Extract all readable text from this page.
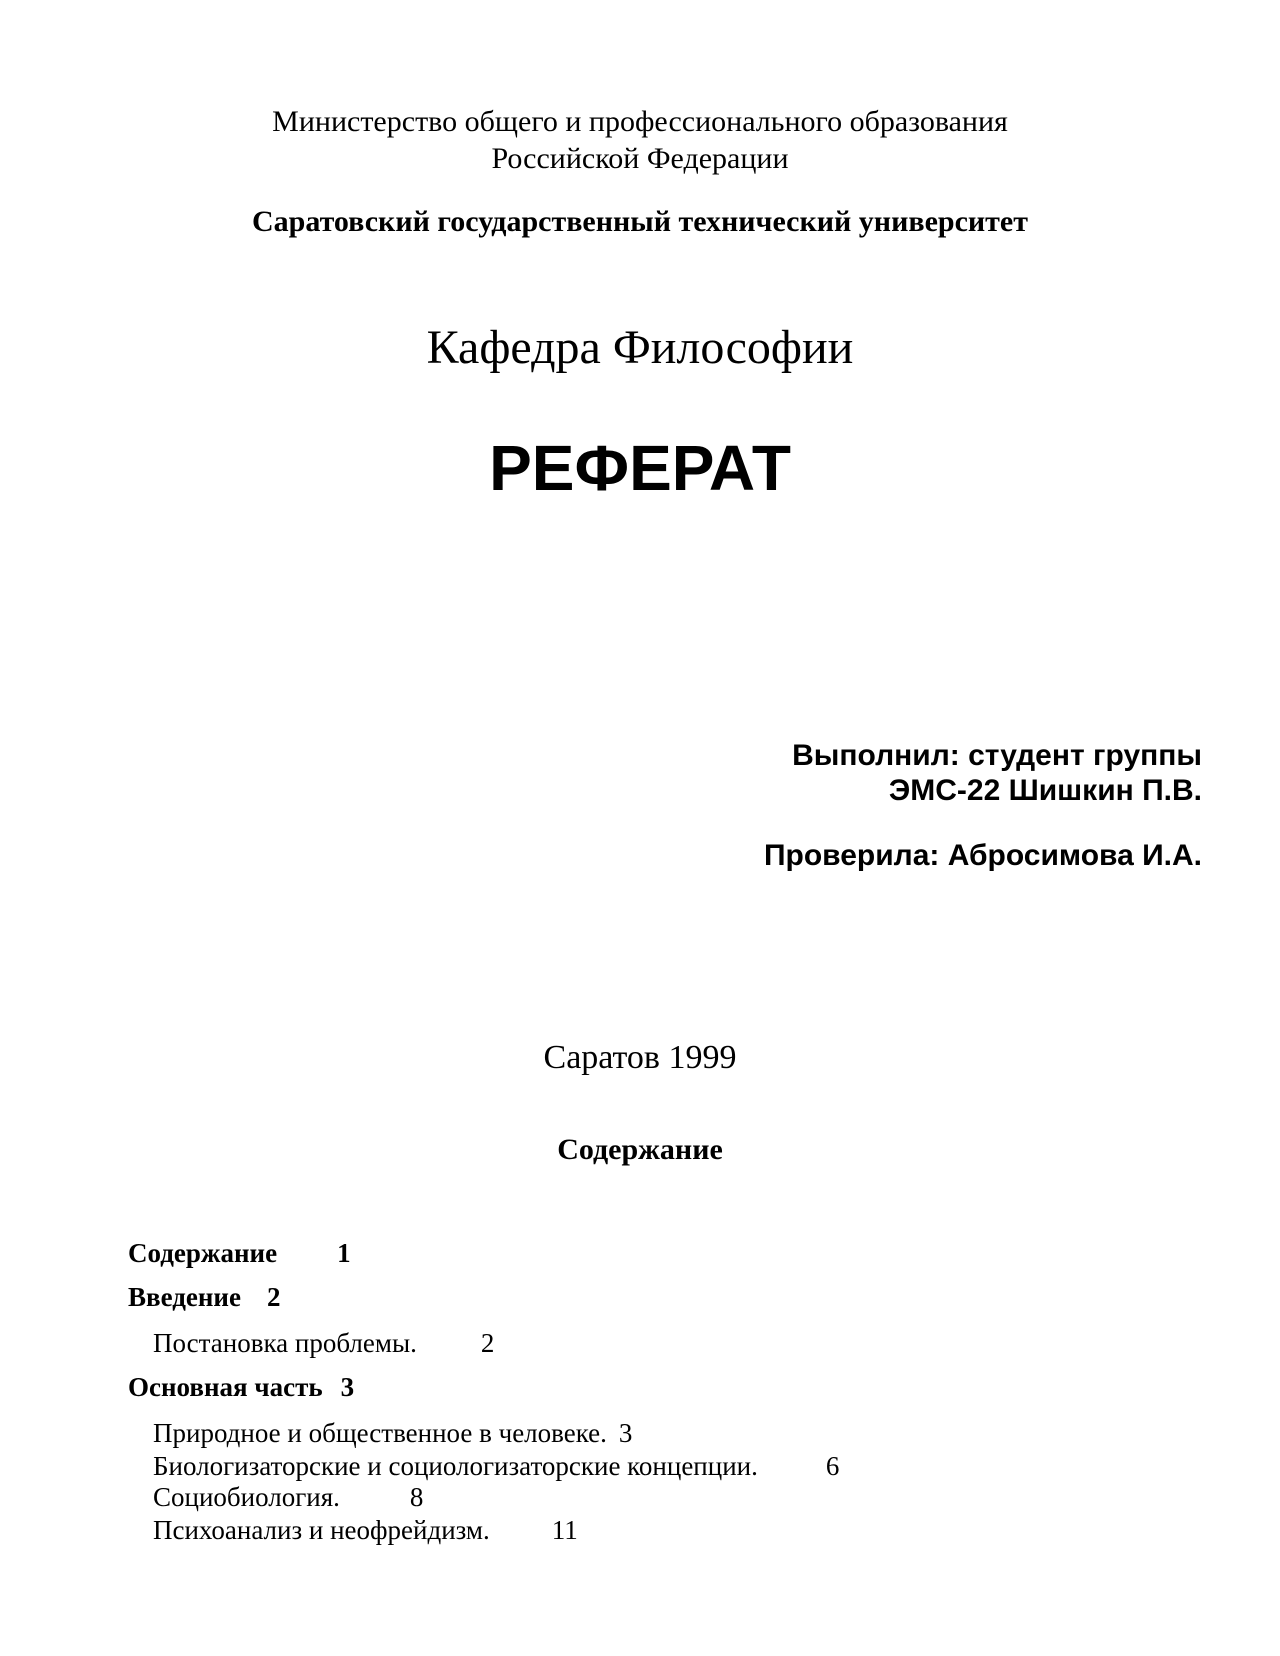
Министерство общего и профессионального образования
Российской Федерации
Саратовский государственный технический университет
Кафедра Философии
РЕФЕРАТ
Выполнил: студент группы
ЭМС-22 Шишкин П.В.
Проверила: Абросимова И.А.
Саратов 1999
Содержание
Содержание 1
Введение 2
Постановка проблемы. 2
Основная часть 3
Природное и общественное в человеке. 3
Биологизаторские и социологизаторские концепции.	6
Социобиология.	8
Психоанализ и неофрейдизм. 11
